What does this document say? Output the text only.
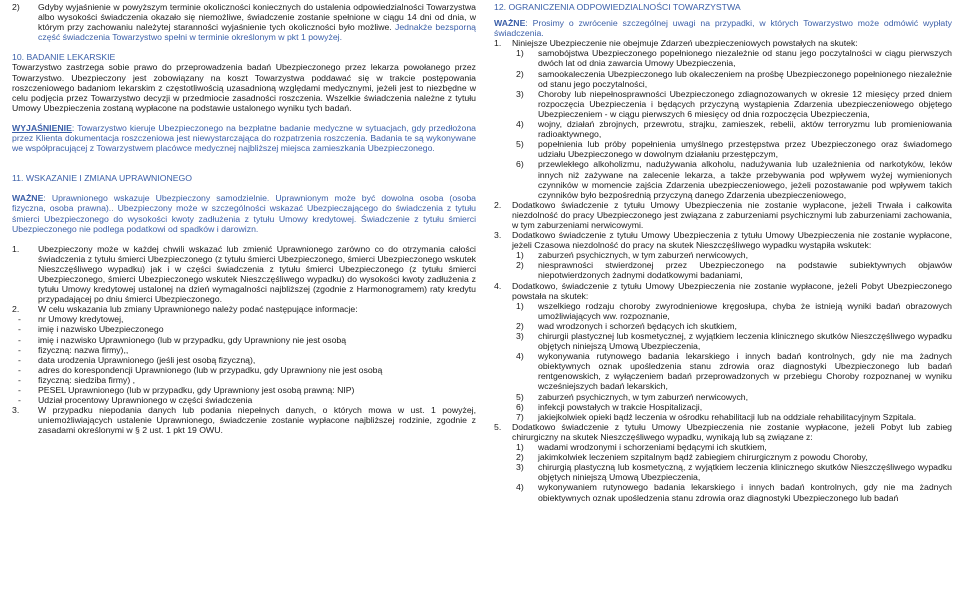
2) Gdyby wyjaśnienie w powyższym terminie okoliczności koniecznych do ustalenia odpowiedzialności Towarzystwa albo wysokości świadczenia okazało się niemożliwe, świadczenie zostanie spełnione w ciągu 14 dni od dnia, w którym przy zachowaniu należytej staranności wyjaśnienie tych okoliczności było możliwe. Jednakże bezsporną część świadczenia Towarzystwo spełni w terminie określonym w pkt 1 powyżej.

10. BADANIE LEKARSKIE

Towarzystwo zastrzega sobie prawo do przeprowadzenia badań Ubezpieczonego przez lekarza powołanego przez Towarzystwo. Ubezpieczony jest zobowiązany na koszt Towarzystwa poddawać się w trakcie postępowania roszczeniowego badaniom lekarskim z częstotliwością uzasadnioną względami medycznymi, jeżeli jest to niezbędne w celu podjęcia przez Towarzystwo decyzji w przedmiocie zasadności roszczenia. Wszelkie świadczenia należne z tytułu Umowy Ubezpieczenia zostaną wypłacone na podstawie ustalonego wyniku tych badań.

WYJAŚNIENIE: Towarzystwo kieruje Ubezpieczonego na bezpłatne badanie medyczne w sytuacjach, gdy przedłożona przez Klienta dokumentacja roszczeniowa jest niewystarczająca do rozpatrzenia roszczenia. Badania te są wykonywane we współpracującej z Towarzystwem placówce medycznej najbliższej miejsca zamieszkania Ubezpieczonego.

11. WSKAZANIE I ZMIANA UPRAWNIONEGO

WAŻNE: Uprawnionego wskazuje Ubezpieczony samodzielnie. Uprawnionym może być dowolna osoba (osoba fizyczna, osoba prawna).. Ubezpieczony może w szczególności wskazać Ubezpieczającego do świadczenia z tytułu śmierci Ubezpieczonego do wysokości kwoty zadłużenia z tytułu Umowy kredytowej. Świadczenie z tytułu śmierci Ubezpieczonego nie podlega podatkowi od spadków i darowizn.

1. Ubezpieczony może w każdej chwili wskazać lub zmienić Uprawnionego zarówno co do otrzymania całości świadczenia z tytułu śmierci Ubezpieczonego (z tytułu śmierci Ubezpieczonego, śmierci Ubezpieczonego wskutek Nieszczęśliwego wypadku) jak i w części świadczenia z tytułu śmierci Ubezpieczonego (z tytułu śmierci Ubezpieczonego, śmierci Ubezpieczonego wskutek Nieszczęśliwego wypadku) do wysokości kwoty zadłużenia z tytułu Umowy kredytowej ustalonej na dzień wymagalności najbliższej (zgodnie z Harmonogramem) raty kredytu przypadającej po dniu śmierci Ubezpieczonego.

2. W celu wskazania lub zmiany Uprawnionego należy podać następujące informacje:

- nr Umowy kredytowej,

- imię i nazwisko Ubezpieczonego

- imię i nazwisko Uprawnionego (lub w przypadku, gdy Uprawniony nie jest osobą

- fizyczną: nazwa firmy),,

- data urodzenia Uprawnionego (jeśli jest osobą fizyczną),

- adres do korespondencji Uprawnionego (lub w przypadku, gdy Uprawniony nie jest osobą

- fizyczną: siedziba firmy) ,

- PESEL Uprawnionego (lub w przypadku, gdy Uprawniony jest osobą prawną: NIP)

- Udział procentowy Uprawnionego w części świadczenia

3. W przypadku niepodania danych lub podania niepełnych danych, o których mowa w ust. 1 powyżej, uniemożliwiających ustalenie Uprawnionego, świadczenie zostanie wypłacone najbliższej rodzinie, zgodnie z zasadami określonymi w § 2 ust. 1 pkt 19 OWU.

12. OGRANICZENIA ODPOWIEDZIALNOŚCI TOWARZYSTWA

WAŻNE: Prosimy o zwrócenie szczególnej uwagi na przypadki, w których Towarzystwo może odmówić wypłaty świadczenia.

1. Niniejsze Ubezpieczenie nie obejmuje Zdarzeń ubezpieczeniowych powstałych na skutek:

1) samobójstwa Ubezpieczonego popełnionego niezależnie od stanu jego poczytalności w ciągu pierwszych dwóch lat od dnia zawarcia Umowy Ubezpieczenia,

2) samookaleczenia Ubezpieczonego lub okaleczeniem na prośbę Ubezpieczonego popełnionego niezależnie od stanu jego poczytalności,

3) Choroby lub niepełnosprawności Ubezpieczonego zdiagnozowanych w okresie 12 miesięcy przed dniem rozpoczęcia Ubezpieczenia i będących przyczyną wystąpienia Zdarzenia ubezpieczeniowego objętego Ubezpieczeniem - w ciągu pierwszych 6 miesięcy od dnia rozpoczęcia Ubezpieczenia,

4) wojny, działań zbrojnych, przewrotu, strajku, zamieszek, rebelii, aktów terroryzmu lub promieniowania radioaktywnego,

5) popełnienia lub próby popełnienia umyślnego przestępstwa przez Ubezpieczonego oraz świadomego udziału Ubezpieczonego w dowolnym działaniu przestępczym,

6) przewlekłego alkoholizmu, nadużywania alkoholu, nadużywania lub uzależnienia od narkotyków, leków innych niż zażywane na zalecenie lekarza, a także przebywania pod wpływem wyżej wymienionych czynników w momencie zajścia Zdarzenia ubezpieczeniowego, jeżeli pozostawanie pod wpływem takich czynników było bezpośrednią przyczyną danego Zdarzenia ubezpieczeniowego,

2. Dodatkowo świadczenie z tytułu Umowy Ubezpieczenia nie zostanie wypłacone, jeżeli Trwała i całkowita niezdolność do pracy Ubezpieczonego jest związana z zaburzeniami psychicznymi lub zaburzeniami zachowania, w tym zaburzeniami nerwicowymi.

3. Dodatkowo świadczenie z tytułu Umowy Ubezpieczenia z tytułu Umowy Ubezpieczenia nie zostanie wypłacone, jeżeli Czasowa niezdolność do pracy na skutek Nieszczęśliwego wypadku wystąpiła wskutek:

1) zaburzeń psychicznych, w tym zaburzeń nerwicowych,

2) niesprawności stwierdzonej przez Ubezpieczonego na podstawie subiektywnych objawów niepotwierdzonych żadnymi dodatkowymi badaniami,

4. Dodatkowo, świadczenie z tytułu Umowy Ubezpieczenia nie zostanie wypłacone, jeżeli Pobyt Ubezpieczonego powstała na skutek:

1) wszelkiego rodzaju choroby zwyrodnieniowe kręgosłupa, chyba że istnieją wyniki badań obrazowych umożliwiających ww. rozpoznanie,

2) wad wrodzonych i schorzeń będących ich skutkiem,

3) chirurgii plastycznej lub kosmetycznej, z wyjątkiem leczenia klinicznego skutków Nieszczęśliwego wypadku objętych niniejszą Umową Ubezpieczenia,

4) wykonywania rutynowego badania lekarskiego i innych badań kontrolnych, gdy nie ma żadnych obiektywnych oznak upośledzenia stanu zdrowia oraz diagnostyki Ubezpieczonego lub badań rentgenowskich, z wyłączeniem badań przeprowadzonych w przebiegu Choroby rozpoznanej w wyniku wcześniejszych badań lekarskich,

5) zaburzeń psychicznych, w tym zaburzeń nerwicowych,

6) infekcji powstałych w trakcie Hospitalizacji,

7) jakiejkolwiek opieki bądź leczenia w ośrodku rehabilitacji lub na oddziale rehabilitacyjnym Szpitala.

5. Dodatkowo świadczenie z tytułu Umowy Ubezpieczenia nie zostanie wypłacone, jeżeli Pobyt lub zabieg chirurgiczny na skutek Nieszczęśliwego wypadku, wynikają lub są związane z:

1) wadami wrodzonymi i schorzeniami będącymi ich skutkiem,

2) jakimkolwiek leczeniem szpitalnym bądź zabiegiem chirurgicznym z powodu Choroby,

3) chirurgią plastyczną lub kosmetyczną, z wyjątkiem leczenia klinicznego skutków Nieszczęśliwego wypadku objętych niniejszą Umową Ubezpieczenia,

4) wykonywaniem rutynowego badania lekarskiego i innych badań kontrolnych, gdy nie ma żadnych obiektywnych oznak upośledzenia stanu zdrowia oraz diagnostyki Ubezpieczonego lub badań
